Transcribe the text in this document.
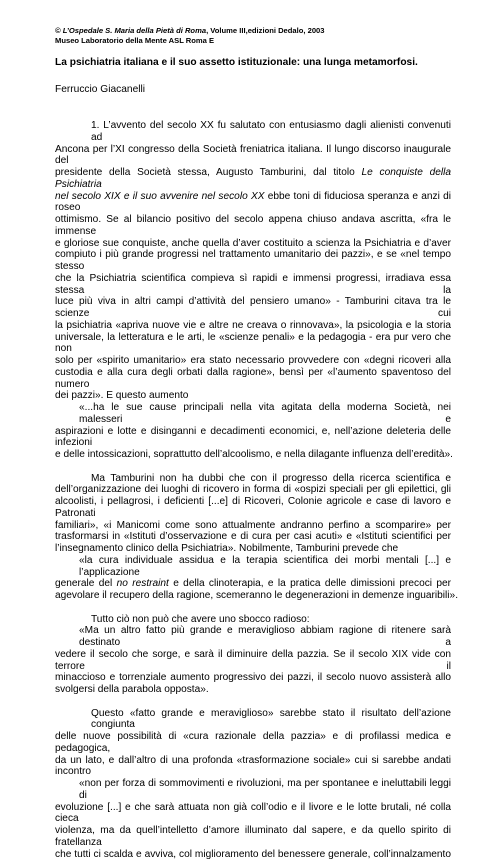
© L’Ospedale S. Maria della Pietà di Roma, Volume III,edizioni Dedalo, 2003
Museo Laboratorio della Mente ASL Roma E
La psichiatria italiana e il suo assetto istituzionale: una lunga metamorfosi.
Ferruccio Giacanelli

1. L’avvento del secolo XX fu salutato con entusiasmo dagli alienisti convenuti ad
Ancona per l’XI congresso della Società freniatrica italiana. Il lungo discorso inaugurale del
presidente della Società stessa, Augusto Tamburini, dal titolo Le conquiste della Psichiatria
nel secolo XIX e il suo avvenire nel secolo XX ebbe toni di fiduciosa speranza e anzi di roseo
ottimismo. Se al bilancio positivo del secolo appena chiuso andava ascritta, «fra le immense
e gloriose sue conquiste, anche quella d’aver costituito a scienza la Psichiatria e d’aver
compiuto i più grande progressi nel trattamento umanitario dei pazzi», e se «nel tempo stesso
che la Psichiatria scientifica compieva sì rapidi e immensi progressi, irradiava essa stessa la
luce più viva in altri campi d’attività del pensiero umano» - Tamburini citava tra le scienze cui
la psichiatria «apriva nuove vie e altre ne creava o rinnovava», la psicologia e la storia
universale, la letteratura e le arti, le «scienze penali» e la pedagogia - era pur vero che non
solo per «spirito umanitario» era stato necessario provvedere con «degni ricoveri alla
custodia e alla cura degli orbati dalla ragione», bensì per «l’aumento spaventoso del numero
dei pazzi». E questo aumento
«...ha le sue cause principali nella vita agitata della moderna Società, nei malesseri e
aspirazioni e lotte e disinganni e decadimenti economici, e, nell’azione deleteria delle infezioni
e delle intossicazioni, soprattutto dell’alcoolismo, e nella dilagante influenza dell’eredità».

Ma Tamburini non ha dubbi che con il progresso della ricerca scientifica e
dell’organizzazione dei luoghi di ricovero in forma di «ospizi speciali per gli epilettici, gli
alcoolisti, i pellagrosi, i deficienti [...e] di Ricoveri, Colonie agricole e case di lavoro e Patronati
familiari», «i Manicomi come sono attualmente andranno perfino a scomparire» per
trasformarsi in «Istituti d’osservazione e di cura per casi acuti» e «Istituti scientifici per
l’insegnamento clinico della Psichiatria». Nobilmente, Tamburini prevede che
«la cura individuale assidua e la terapia scientifica dei morbi mentali [...] e l’applicazione
generale del no restraint e della clinoterapia, e la pratica delle dimissioni precoci per
agevolare il recupero della ragione, scemeranno le degenerazioni in demenze inguaribili».

Tutto ciò non può che avere uno sbocco radioso:
«Ma un altro fatto più grande e meraviglioso abbiam ragione di ritenere sarà destinato a
vedere il secolo che sorge, e sarà il diminuire della pazzia. Se il secolo XIX vide con terrore il
minaccioso e torrenziale aumento progressivo dei pazzi, il secolo nuovo assisterà allo
svolgersi della parabola opposta».

Questo «fatto grande e meraviglioso» sarebbe stato il risultato dell’azione congiunta
delle nuove possibilità di «cura razionale della pazzia» e di profilassi medica e pedagogica,
da un lato, e dall’altro di una profonda «trasformazione sociale» cui si sarebbe andati incontro
«non per forza di sommovimenti e rivoluzioni, ma per spontanee e ineluttabili leggi di
evoluzione [...] e che sarà attuata non già coll’odio e il livore e le lotte brutali, né colla cieca
violenza, ma da quell’intelletto d’amore illuminato dal sapere, e da quello spirito di fratellanza
che tutti ci scalda e avviva, col miglioramento del benessere generale, coll’innalzamento
